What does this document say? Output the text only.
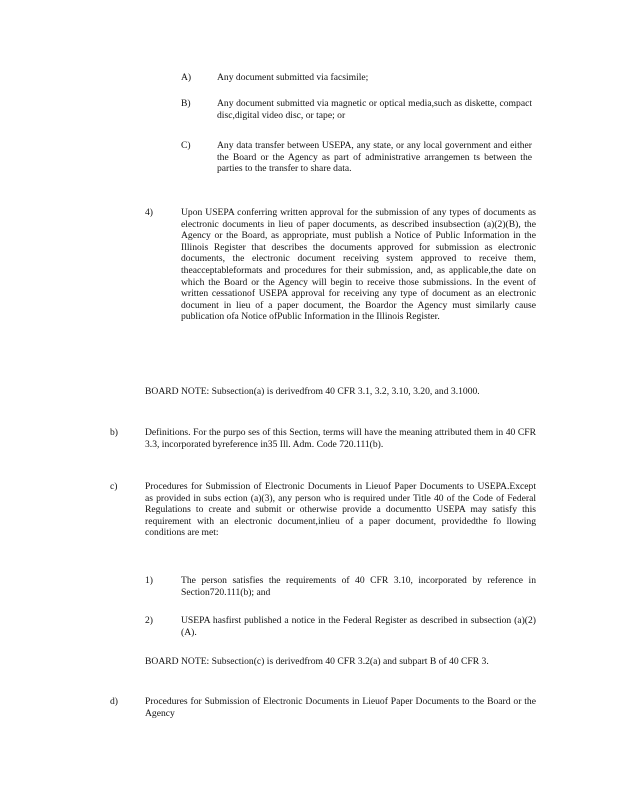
A)	Any document submitted via facsimile;

B)	Any document submitted via magnetic or optical media,such as diskette, compact disc,digital video disc, or tape; or

C)	Any data transfer between USEPA, any state, or any local government and either the Board or the Agency as part of administrative arrangemen ts between the parties to the transfer to share data.

4)	Upon USEPA conferring written approval for the submission of any types of documents as electronic documents in lieu of paper documents, as described insubsection (a)(2)(B), the Agency or the Board, as appropriate, must publish a Notice of Public Information in the Illinois Register that describes the documents approved for submission as electronic documents, the electronic document receiving system approved to receive them, theacceptableformats and procedures for their submission, and, as applicable,the date on which the Board or the Agency will begin to receive those submissions. In the event of written cessationof USEPA approval for receiving any type of document as an electronic document in lieu of a paper document, the Boardor the Agency must similarly cause publication ofa Notice ofPublic Information in the Illinois Register.

BOARD NOTE: Subsection(a) is derivedfrom 40 CFR 3.1, 3.2, 3.10, 3.20, and 3.1000.

b)	Definitions. For the purpo ses of this Section, terms will have the meaning attributed them in 40 CFR 3.3, incorporated byreference in35 Ill. Adm. Code 720.111(b).

c)	Procedures for Submission of Electronic Documents in Lieuof Paper Documents to USEPA.Except as provided in subs ection (a)(3), any person who is required under Title 40 of the Code of Federal Regulations to create and submit or otherwise provide a documentto USEPA may satisfy this requirement with an electronic document,inlieu of a paper document, providedthe fo llowing conditions are met:

1)	The person satisfies the requirements of 40 CFR 3.10, incorporated by reference in Section720.111(b); and

2)	USEPA hasfirst published a notice in the Federal Register as described in subsection (a)(2)(A).

BOARD NOTE: Subsection(c) is derivedfrom 40 CFR 3.2(a) and subpart B of 40 CFR 3.

d)	Procedures for Submission of Electronic Documents in Lieuof Paper Documents to the Board or the Agency
